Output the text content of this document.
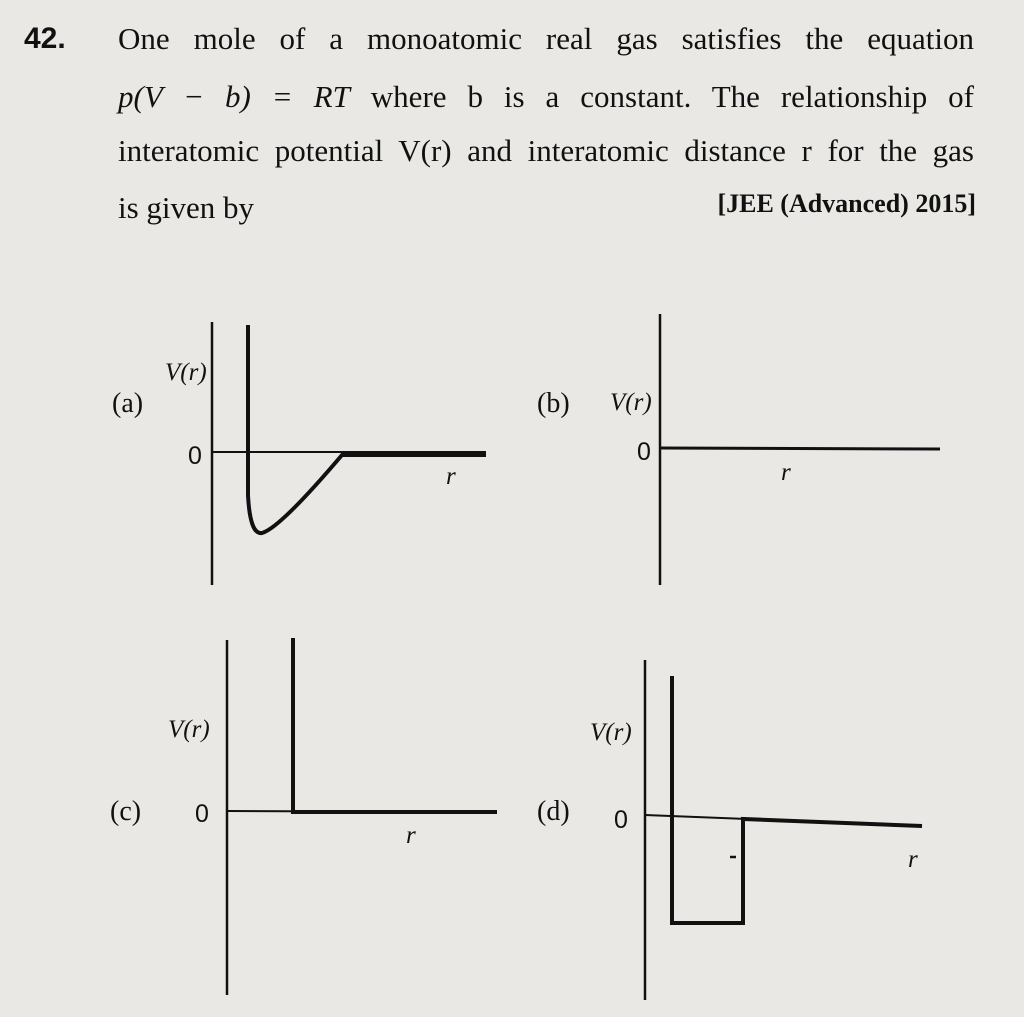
42. One mole of a monoatomic real gas satisfies the equation
p(V − b) = RT where b is a constant. The relationship of
interatomic potential V(r) and interatomic distance r for the gas
is given by	[JEE (Advanced) 2015]
(a)
V(r)
0
r
(b) V(r)
0
r
(c)
V(r)
0
r
(d)
V(r)
0
r
